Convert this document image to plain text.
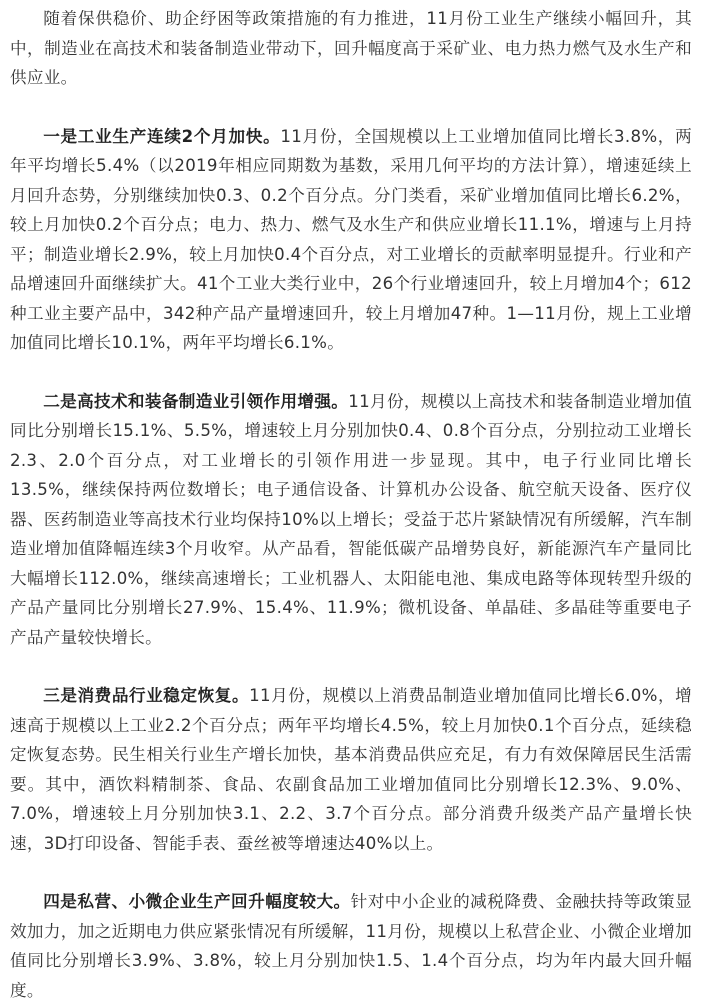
随着保供稳价、助企纾困等政策措施的有力推进，11月份工业生产继续小幅回升，其中，制造业在高技术和装备制造业带动下，回升幅度高于采矿业、电力热力燃气及水生产和供应业。

一是工业生产连续2个月加快。11月份，全国规模以上工业增加值同比增长3.8%，两年平均增长5.4%（以2019年相应同期数为基数，采用几何平均的方法计算），增速延续上月回升态势，分别继续加快0.3、0.2个百分点。分门类看，采矿业增加值同比增长6.2%，较上月加快0.2个百分点；电力、热力、燃气及水生产和供应业增长11.1%，增速与上月持平；制造业增长2.9%，较上月加快0.4个百分点，对工业增长的贡献率明显提升。行业和产品增速回升面继续扩大。41个工业大类行业中，26个行业增速回升，较上月增加4个；612种工业主要产品中，342种产品产量增速回升，较上月增加47种。1—11月份，规上工业增加值同比增长10.1%，两年平均增长6.1%。

二是高技术和装备制造业引领作用增强。11月份，规模以上高技术和装备制造业增加值同比分别增长15.1%、5.5%，增速较上月分别加快0.4、0.8个百分点，分别拉动工业增长2.3、2.0个百分点，对工业增长的引领作用进一步显现。其中，电子行业同比增长13.5%，继续保持两位数增长；电子通信设备、计算机办公设备、航空航天设备、医疗仪器、医药制造业等高技术行业均保持10%以上增长；受益于芯片紧缺情况有所缓解，汽车制造业增加值降幅连续3个月收窄。从产品看，智能低碳产品增势良好，新能源汽车产量同比大幅增长112.0%，继续高速增长；工业机器人、太阳能电池、集成电路等体现转型升级的产品产量同比分别增长27.9%、15.4%、11.9%；微机设备、单晶硅、多晶硅等重要电子产品产量较快增长。

三是消费品行业稳定恢复。11月份，规模以上消费品制造业增加值同比增长6.0%，增速高于规模以上工业2.2个百分点；两年平均增长4.5%，较上月加快0.1个百分点，延续稳定恢复态势。民生相关行业生产增长加快，基本消费品供应充足，有力有效保障居民生活需要。其中，酒饮料精制茶、食品、农副食品加工业增加值同比分别增长12.3%、9.0%、7.0%，增速较上月分别加快3.1、2.2、3.7个百分点。部分消费升级类产品产量增长快速，3D打印设备、智能手表、蚕丝被等增速达40%以上。

四是私营、小微企业生产回升幅度较大。针对中小企业的减税降费、金融扶持等政策显效加力，加之近期电力供应紧张情况有所缓解，11月份，规模以上私营企业、小微企业增加值同比分别增长3.9%、3.8%，较上月分别加快1.5、1.4个百分点，均为年内最大回升幅度。
